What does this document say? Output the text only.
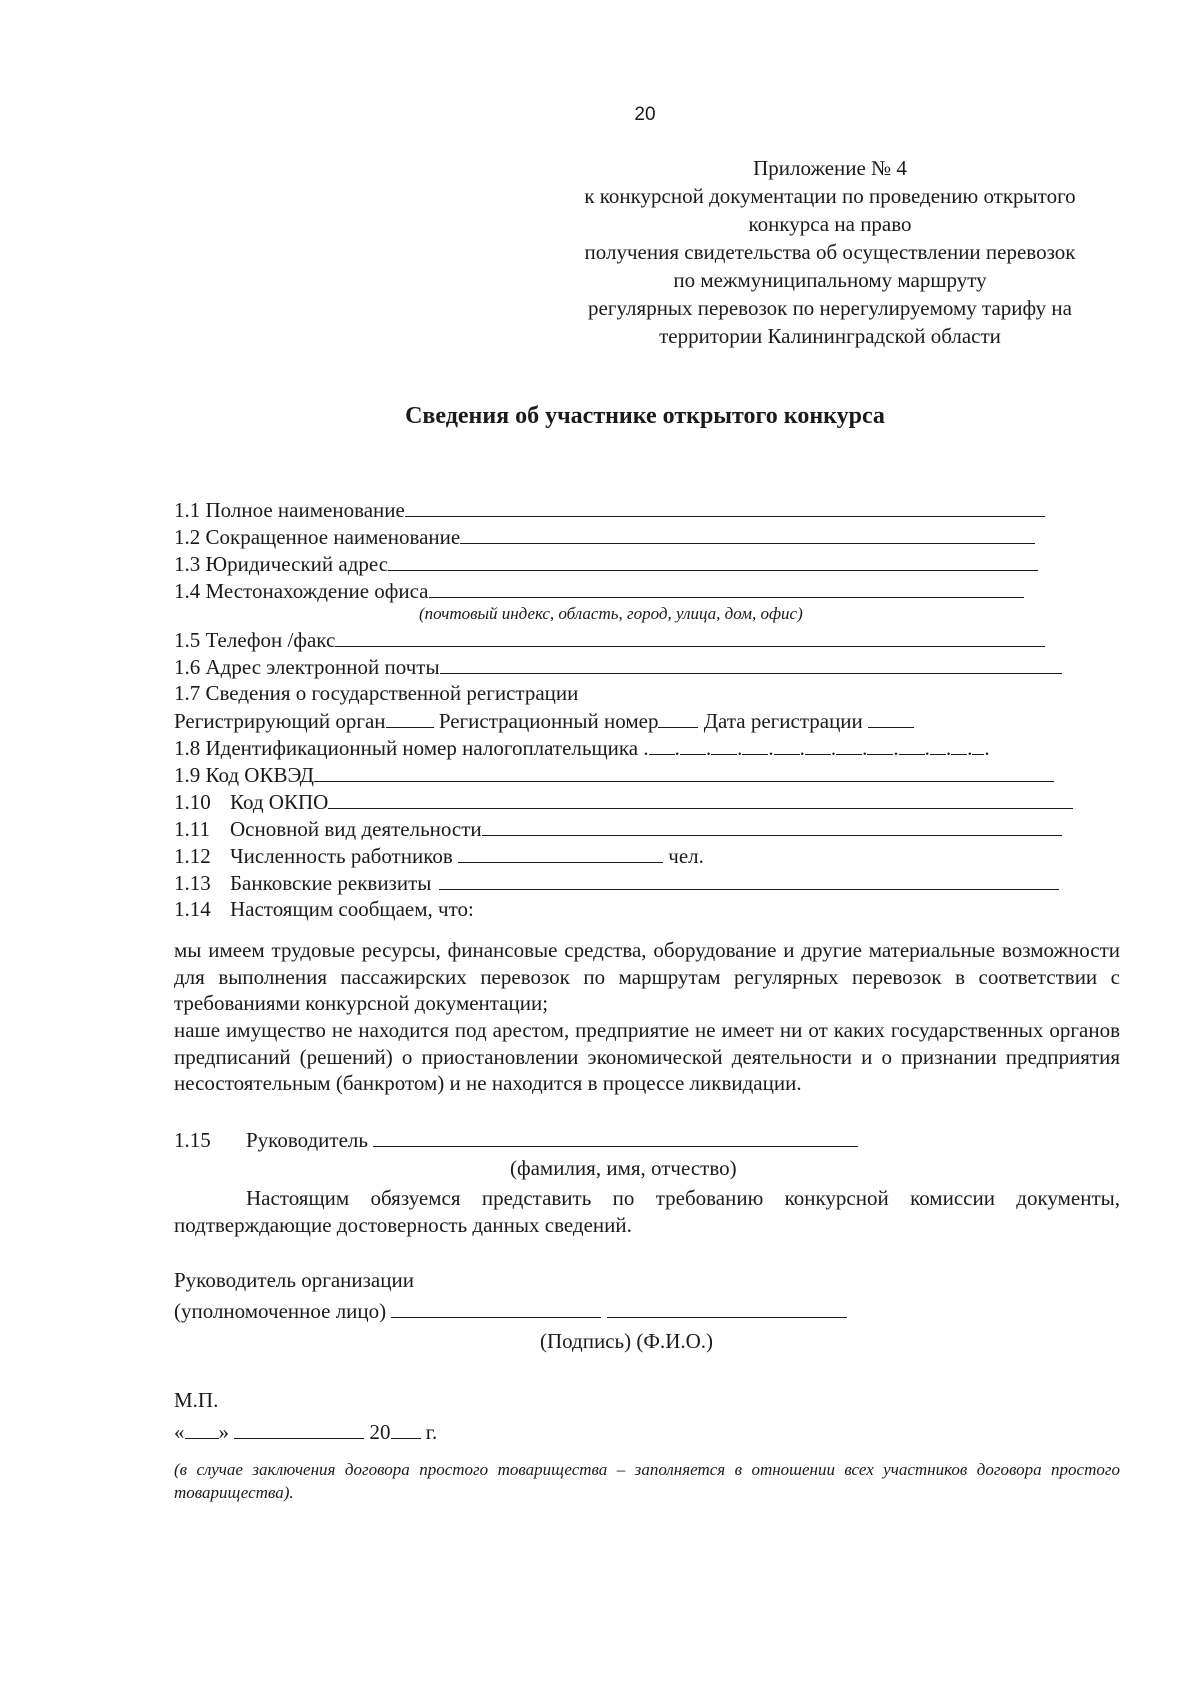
20
Приложение № 4
к конкурсной документации по проведению открытого
конкурса на право
получения свидетельства об осуществлении перевозок
по межмуниципальному маршруту
регулярных перевозок по нерегулируемому тарифу на
территории Калининградской области
Сведения об участнике открытого конкурса
1.1 Полное наименование
1.2 Сокращенное наименование
1.3 Юридический адрес
1.4 Местонахождение офиса
(почтовый индекс, область, город, улица, дом, офис)
1.5 Телефон /факс
1.6 Адрес электронной почты
1.7 Сведения о государственной регистрации
Регистрирующий орган	Регистрационный номер Дата регистрации
1.8 Идентификационный номер налогоплательщика . . . . . . . . . . . . .
1.9 Код ОКВЭД
1.10 Код ОКПО
1.11 Основной вид деятельности
1.12 Численность работников	чел.
1.13 Банковские реквизиты
1.14 Настоящим сообщаем, что:
мы имеем трудовые ресурсы, финансовые средства, оборудование и другие материальные возможности для выполнения пассажирских перевозок по маршрутам регулярных перевозок в соответствии с требованиями конкурсной документации;
наше имущество не находится под арестом, предприятие не имеет ни от каких государственных органов предписаний (решений) о приостановлении экономической деятельности и о признании предприятия несостоятельным (банкротом) и не находится в процессе ликвидации.
1.15 Руководитель
(фамилия, имя, отчество)
Настоящим обязуемся представить по требованию конкурсной комиссии документы, подтверждающие достоверность данных сведений.
Руководитель организации
(уполномоченное лицо)
(Подпись) (Ф.И.О.)
М.П.
« »	20 г.
(в случае заключения договора простого товарищества – заполняется в отношении всех участников договора простого товарищества).
